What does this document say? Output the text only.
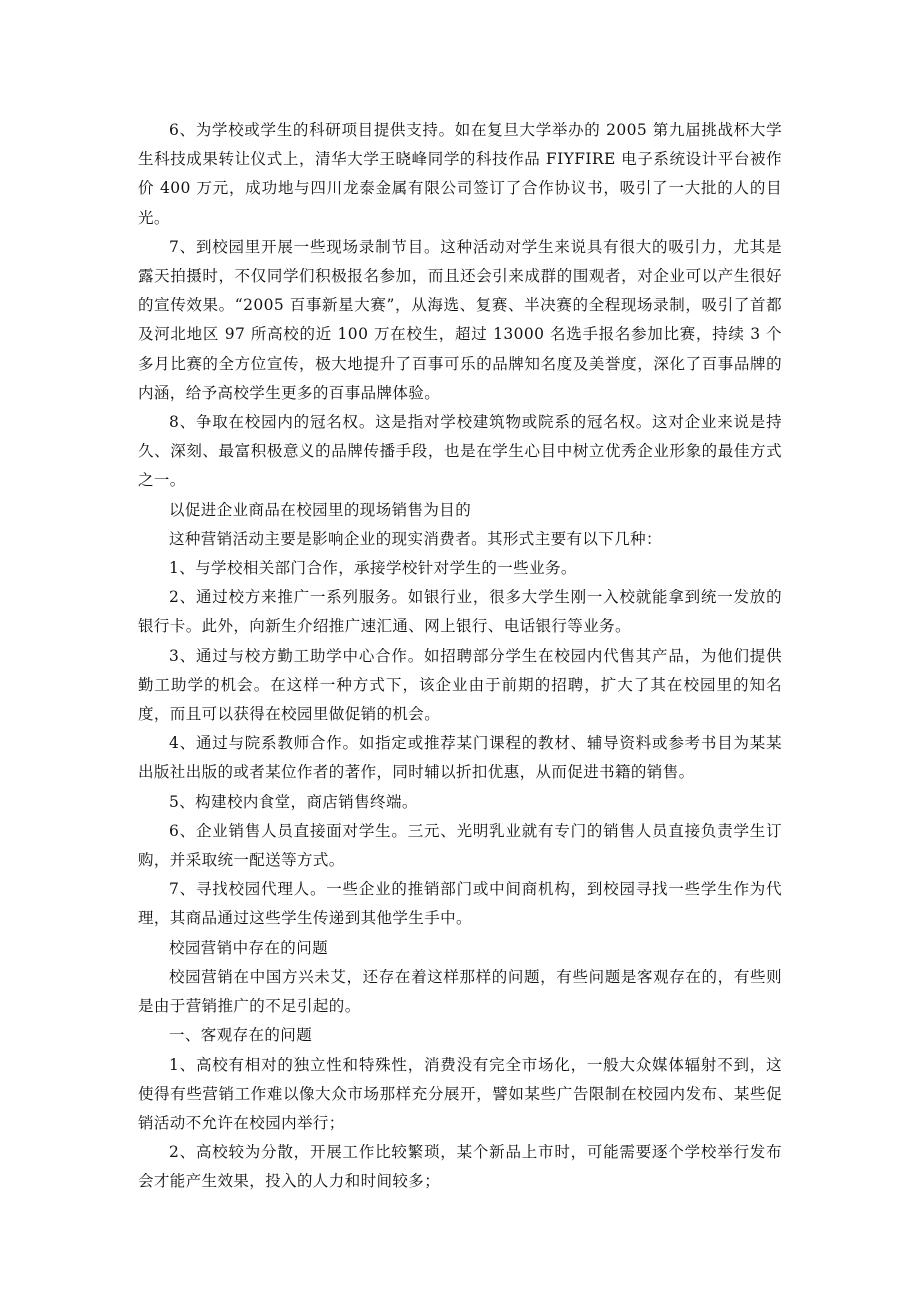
6、为学校或学生的科研项目提供支持。如在复旦大学举办的 2005 第九届挑战杯大学生科技成果转让仪式上，清华大学王晓峰同学的科技作品 FIYFIRE 电子系统设计平台被作价 400 万元，成功地与四川龙泰金属有限公司签订了合作协议书，吸引了一大批的人的目光。

7、到校园里开展一些现场录制节目。这种活动对学生来说具有很大的吸引力，尤其是露天拍摄时，不仅同学们积极报名参加，而且还会引来成群的围观者，对企业可以产生很好的宣传效果。“2005 百事新星大赛”，从海选、复赛、半决赛的全程现场录制，吸引了首都及河北地区 97 所高校的近 100 万在校生，超过 13000 名选手报名参加比赛，持续 3 个多月比赛的全方位宣传，极大地提升了百事可乐的品牌知名度及美誉度，深化了百事品牌的内涵，给予高校学生更多的百事品牌体验。

8、争取在校园内的冠名权。这是指对学校建筑物或院系的冠名权。这对企业来说是持久、深刻、最富积极意义的品牌传播手段，也是在学生心目中树立优秀企业形象的最佳方式之一。

以促进企业商品在校园里的现场销售为目的

这种营销活动主要是影响企业的现实消费者。其形式主要有以下几种：

1、与学校相关部门合作，承接学校针对学生的一些业务。

2、通过校方来推广一系列服务。如银行业，很多大学生刚一入校就能拿到统一发放的银行卡。此外，向新生介绍推广速汇通、网上银行、电话银行等业务。

3、通过与校方勤工助学中心合作。如招聘部分学生在校园内代售其产品，为他们提供勤工助学的机会。在这样一种方式下，该企业由于前期的招聘，扩大了其在校园里的知名度，而且可以获得在校园里做促销的机会。

4、通过与院系教师合作。如指定或推荐某门课程的教材、辅导资料或参考书目为某某出版社出版的或者某位作者的著作，同时辅以折扣优惠，从而促进书籍的销售。

5、构建校内食堂，商店销售终端。

6、企业销售人员直接面对学生。三元、光明乳业就有专门的销售人员直接负责学生订购，并采取统一配送等方式。

7、寻找校园代理人。一些企业的推销部门或中间商机构，到校园寻找一些学生作为代理，其商品通过这些学生传递到其他学生手中。

校园营销中存在的问题

校园营销在中国方兴未艾，还存在着这样那样的问题，有些问题是客观存在的，有些则是由于营销推广的不足引起的。

一、客观存在的问题

1、高校有相对的独立性和特殊性，消费没有完全市场化，一般大众媒体辐射不到，这使得有些营销工作难以像大众市场那样充分展开，譬如某些广告限制在校园内发布、某些促销活动不允许在校园内举行；

2、高校较为分散，开展工作比较繁琐，某个新品上市时，可能需要逐个学校举行发布会才能产生效果，投入的人力和时间较多；
